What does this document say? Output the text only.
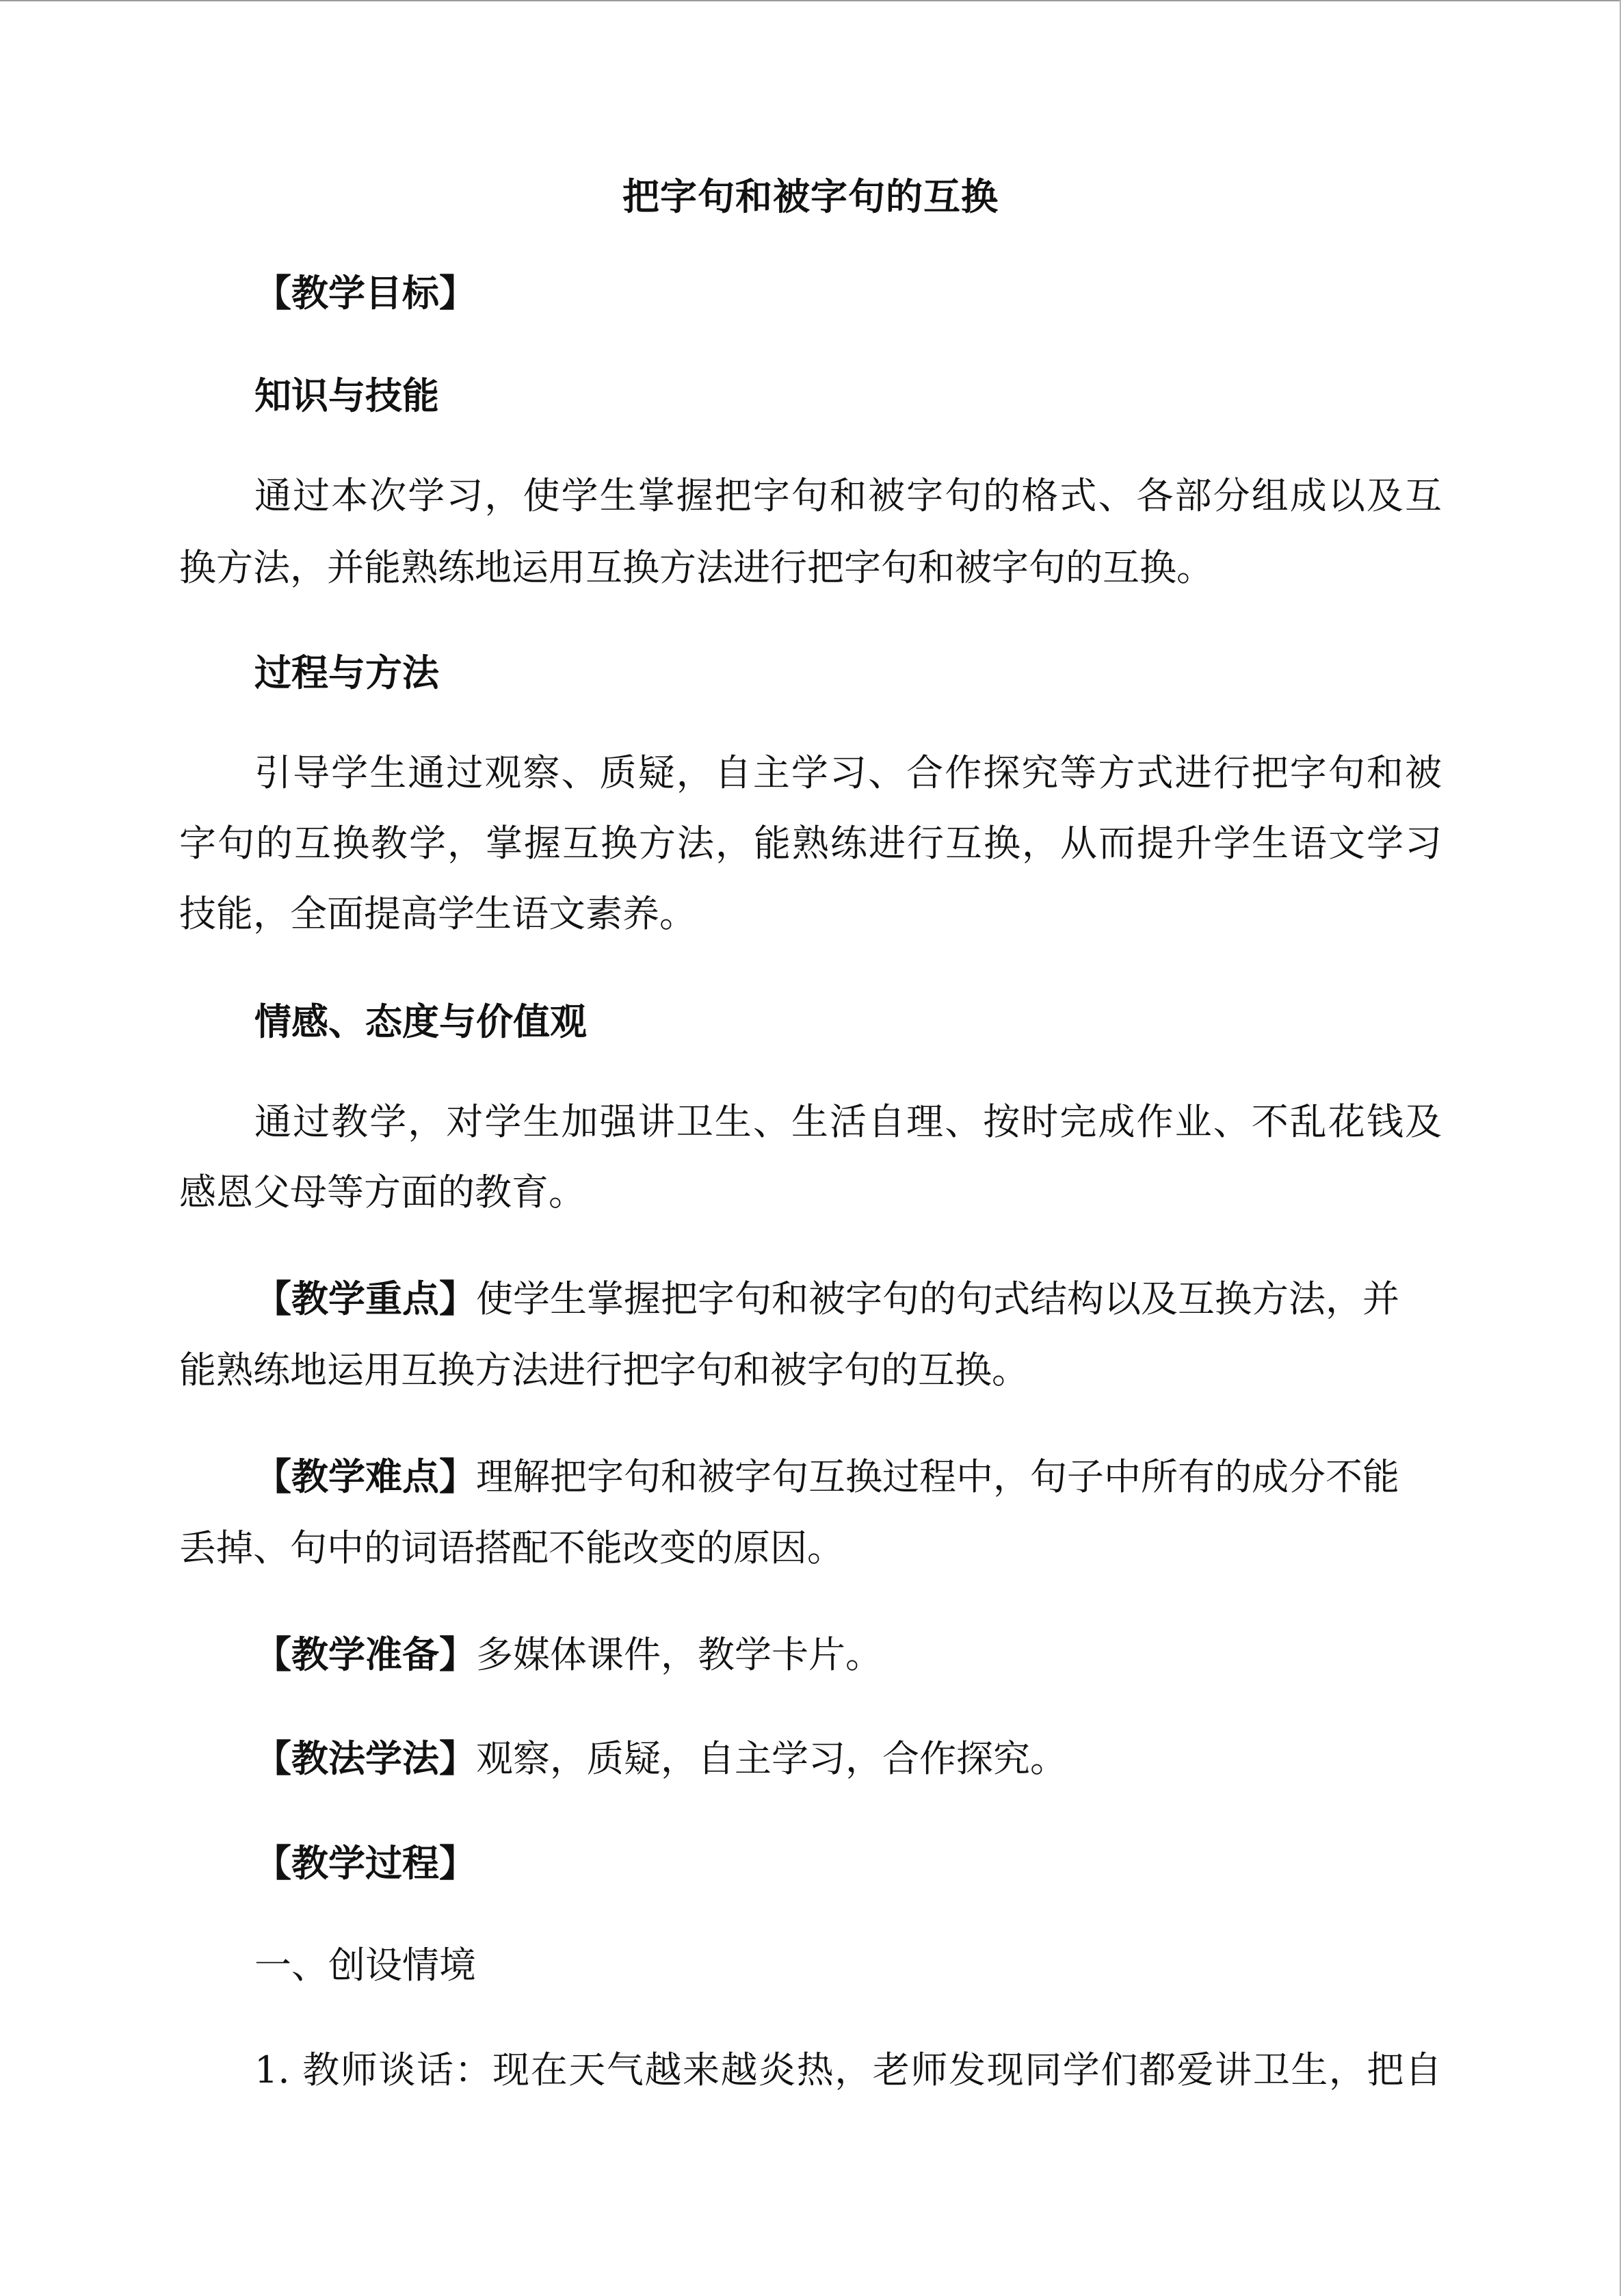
把字句和被字句的互换
【教学目标】
知识与技能
通过本次学习，使学生掌握把字句和被字句的格式、各部分组成以及互
换方法，并能熟练地运用互换方法进行把字句和被字句的互换。
过程与方法
引导学生通过观察、质疑，自主学习、合作探究等方式进行把字句和被
字句的互换教学，掌握互换方法，能熟练进行互换，从而提升学生语文学习
技能，全面提高学生语文素养。
情感、态度与价值观
通过教学，对学生加强讲卫生、生活自理、按时完成作业、不乱花钱及
感恩父母等方面的教育。
【教学重点】使学生掌握把字句和被字句的句式结构以及互换方法，并
能熟练地运用互换方法进行把字句和被字句的互换。
【教学难点】理解把字句和被字句互换过程中，句子中所有的成分不能
丢掉、句中的词语搭配不能改变的原因。
【教学准备】多媒体课件，教学卡片。
【教法学法】观察，质疑，自主学习，合作探究。
【教学过程】
一、创设情境
1. 教师谈话：现在天气越来越炎热，老师发现同学们都爱讲卫生，把自
